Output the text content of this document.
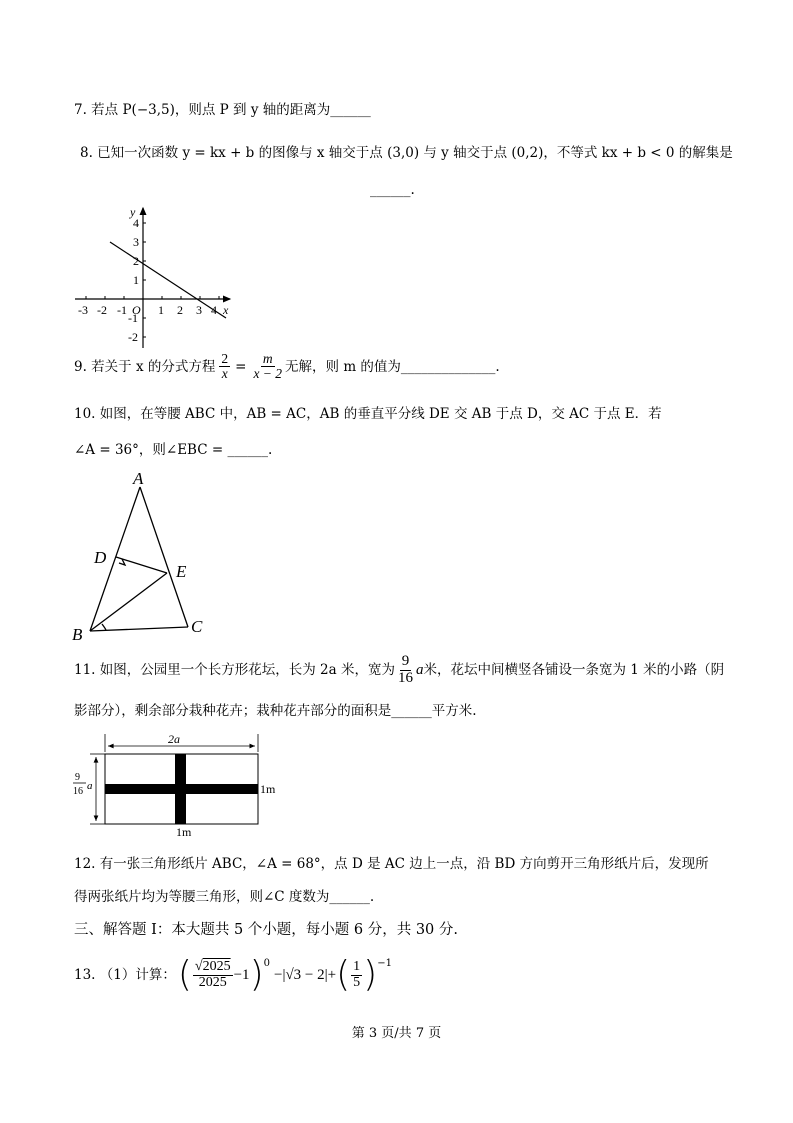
7. 若点 P(−3,5)，则点 P 到 y 轴的距离为______
8. 已知一次函数 y = kx + b 的图像与 x 轴交于点 (3,0) 与 y 轴交于点 (0,2)，不等式 kx + b < 0 的解集是
______.
-3 -2 -1 O 1 2 3 4 x
4
3
2
1
-1
-2
y
9. 若关于 x 的分式方程 $\frac{2}{x} = \frac{m}{x - 2}$ 无解，则 m 的值为______________.
10. 如图，在等腰 ABC 中，AB = AC，AB 的垂直平分线 DE 交 AB 于点 D，交 AC 于点 E．若
∠A = 36°，则∠EBC = ______.
A
D
E
B	C
11. 如图，公园里一个长方形花坛，长为 2a 米，宽为 $\frac{9}{16}$ a 米，花坛中间横竖各铺设一条宽为 1 米的小路（阴
影部分），剩余部分栽种花卉；栽种花卉部分的面积是______平方米.
2a
9
16 a	1m
1m
12. 有一张三角形纸片 ABC，∠A = 68°，点 D 是 AC 边上一点，沿 BD 方向剪开三角形纸片后，发现所
得两张纸片均为等腰三角形，则∠C 度数为______.
三、解答题 I：本大题共 5 个小题，每小题 6 分，共 30 分.
13. （1）计算： ( $\frac{√2025}{2025} -1$ )$^0$
−|√3 − 2|+ ( $\frac{1}{5} )^{-1}$
第 3 页/共 7 页
